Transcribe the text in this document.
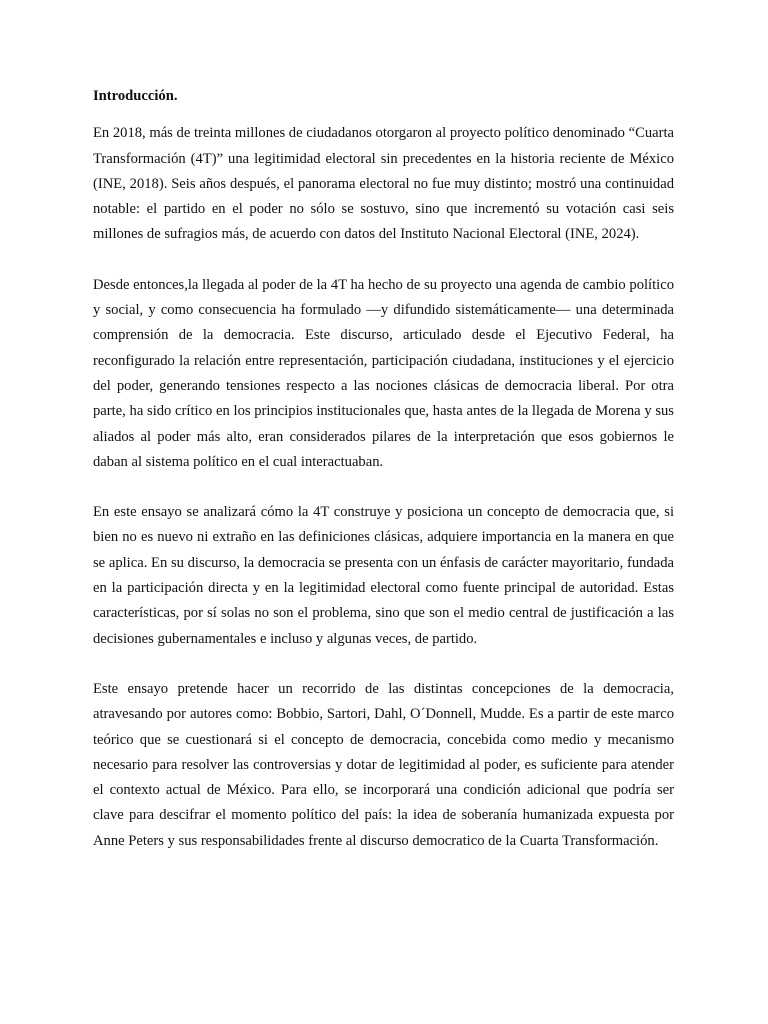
Introducción.

En 2018, más de treinta millones de ciudadanos otorgaron al proyecto político denominado “Cuarta Transformación (4T)” una legitimidad electoral sin precedentes en la historia reciente de México (INE, 2018). Seis años después, el panorama electoral no fue muy distinto; mostró una continuidad notable: el partido en el poder no sólo se sostuvo, sino que incrementó su votación casi seis millones de sufragios más, de acuerdo con datos del Instituto Nacional Electoral (INE, 2024).

Desde entonces,la llegada al poder de la 4T ha hecho de su proyecto una agenda de cambio político y social, y como consecuencia ha formulado —y difundido sistemáticamente— una determinada comprensión de la democracia. Este discurso, articulado desde el Ejecutivo Federal, ha reconfigurado la relación entre representación, participación ciudadana, instituciones y el ejercicio del poder, generando tensiones respecto a las nociones clásicas de democracia liberal. Por otra parte, ha sido crítico en los principios institucionales que, hasta antes de la llegada de Morena y sus aliados al poder más alto, eran considerados pilares de la interpretación que esos gobiernos le daban al sistema político en el cual interactuaban.

En este ensayo se analizará cómo la 4T construye y posiciona un concepto de democracia que, si bien no es nuevo ni extraño en las definiciones clásicas, adquiere importancia en la manera en que se aplica. En su discurso, la democracia se presenta con un énfasis de carácter mayoritario, fundada en la participación directa y en la legitimidad electoral como fuente principal de autoridad. Estas características, por sí solas no son el problema, sino que son el medio central de justificación a las decisiones gubernamentales e incluso y algunas veces, de partido.

Este ensayo pretende hacer un recorrido de las distintas concepciones de la democracia, atravesando por autores como: Bobbio, Sartori, Dahl, O´Donnell, Mudde. Es a partir de este marco teórico que se cuestionará si el concepto de democracia, concebida como medio y mecanismo necesario para resolver las controversias y dotar de legitimidad al poder, es suficiente para atender el contexto actual de México. Para ello, se incorporará una condición adicional que podría ser clave para descifrar el momento político del país: la idea de soberanía humanizada expuesta por Anne Peters y sus responsabilidades frente al discurso democratico de la Cuarta Transformación.
